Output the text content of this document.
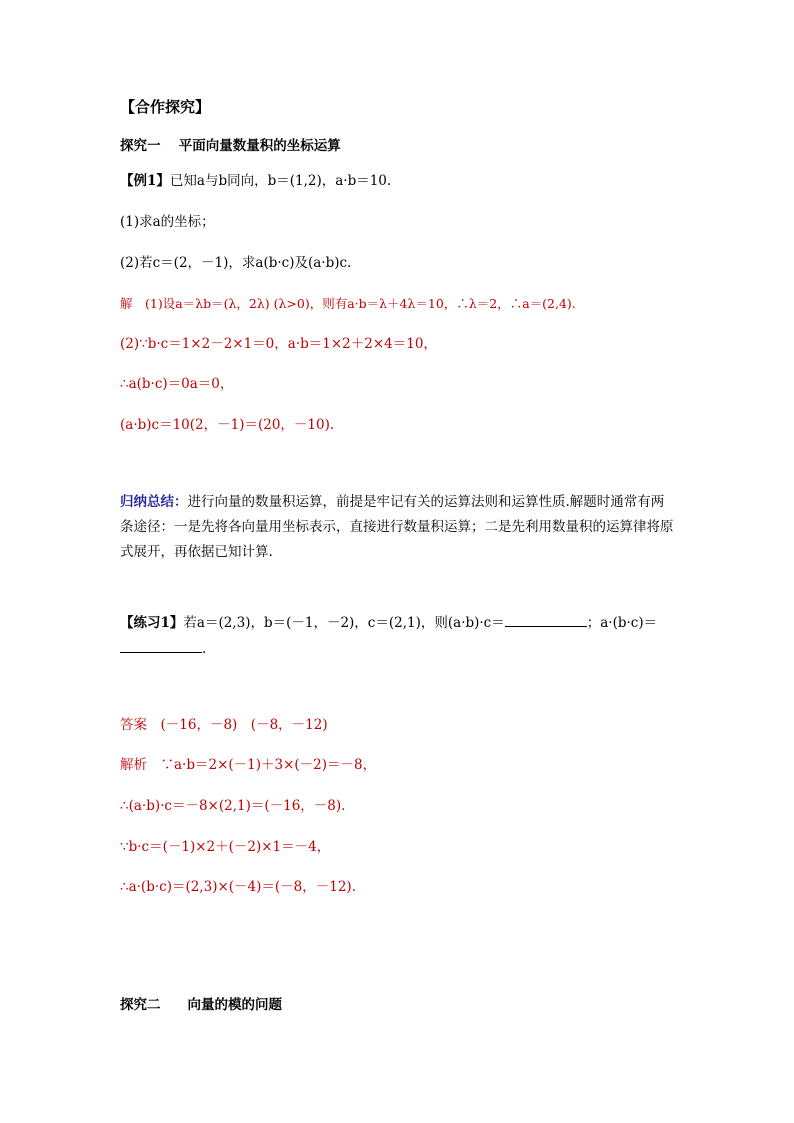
【合作探究】
探究一　 平面向量数量积的坐标运算
【例1】已知a与b同向，b＝(1,2)，a·b＝10.
(1)求a的坐标；
(2)若c＝(2，－1)，求a(b·c)及(a·b)c.
解　(1)设a＝λb＝(λ，2λ) (λ>0)，则有a·b＝λ＋4λ＝10，∴λ＝2，∴a＝(2,4).
(2)∵b·c＝1×2－2×1＝0，a·b＝1×2＋2×4＝10，
∴a(b·c)＝0a＝0，
(a·b)c＝10(2，－1)＝(20，－10).
归纳总结：进行向量的数量积运算，前提是牢记有关的运算法则和运算性质.解题时通常有两条途径：一是先将各向量用坐标表示，直接进行数量积运算；二是先利用数量积的运算律将原式展开，再依据已知计算.
【练习1】若a＝(2,3)，b＝(－1，－2)，c＝(2,1)，则(a·b)·c＝	；a·(b·c)＝
.
答案　 (－16，－8)　(－8，－12)
解析　 ∵a·b＝2×(－1)＋3×(－2)＝－8，
∴(a·b)·c＝－8×(2,1)＝(－16，－8).
∵b·c＝(－1)×2＋(－2)×1＝－4，
∴a·(b·c)＝(2,3)×(－4)＝(－8，－12).
探究二　　 向量的模的问题
